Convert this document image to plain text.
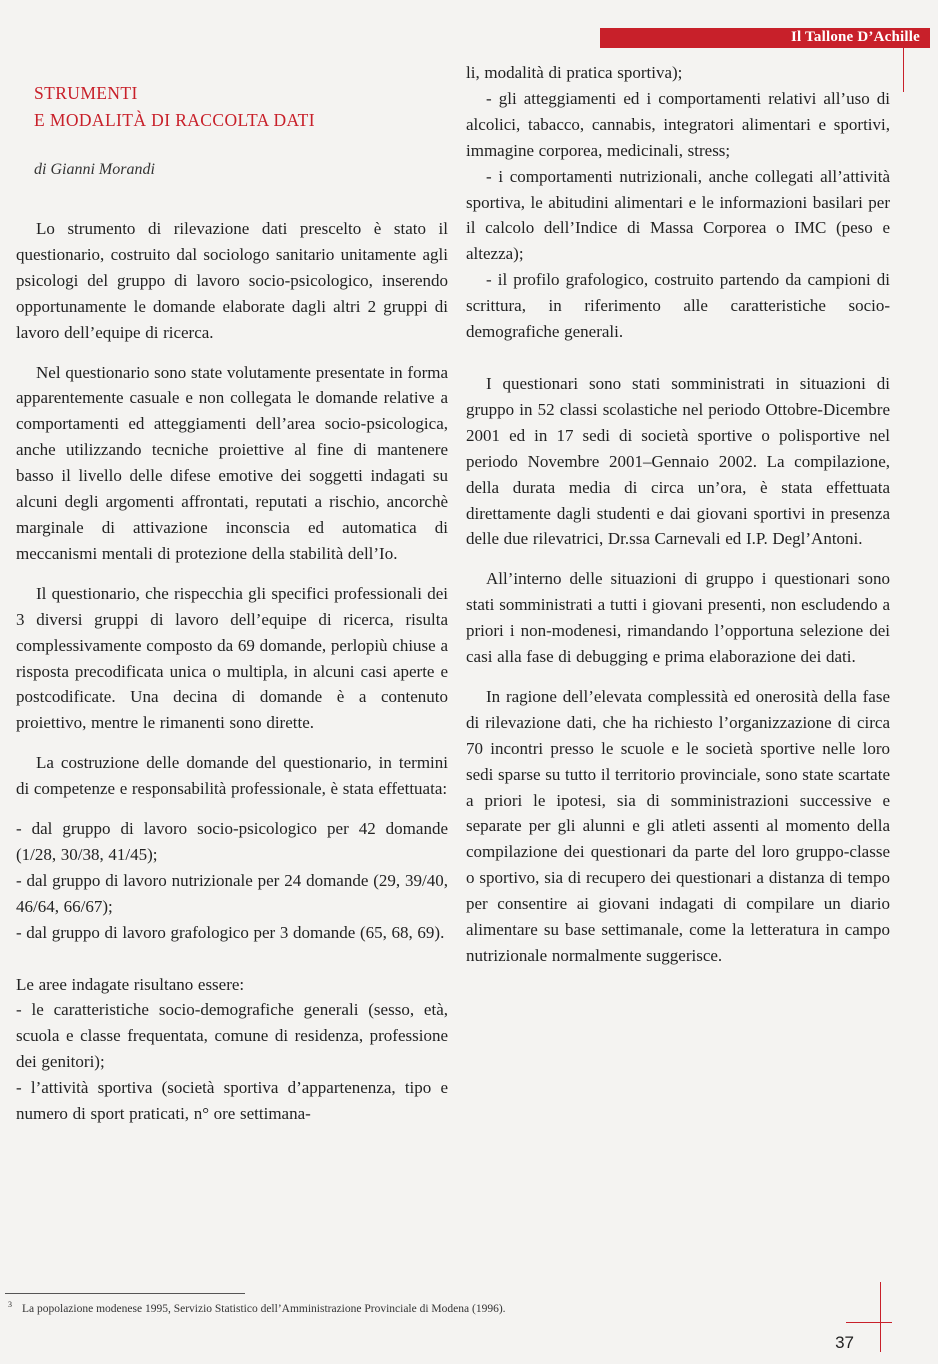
Il Tallone D’Achille
STRUMENTI
E MODALITÀ DI RACCOLTA DATI

di Gianni Morandi

Lo strumento di rilevazione dati prescelto è stato il questionario, costruito dal sociologo sanitario unitamente agli psicologi del gruppo di lavoro socio-psicologico, inserendo opportunamente le domande elaborate dagli altri 2 gruppi di lavoro dell’equipe di ricerca.

Nel questionario sono state volutamente presentate in forma apparentemente casuale e non collegata le domande relative a comportamenti ed atteggiamenti dell’area socio-psicologica, anche utilizzando tecniche proiettive al fine di mantenere basso il livello delle difese emotive dei soggetti indagati su alcuni degli argomenti affrontati, reputati a rischio, ancorchè marginale di attivazione inconscia ed automatica di meccanismi mentali di protezione della stabilità dell’Io.

Il questionario, che rispecchia gli specifici professionali dei 3 diversi gruppi di lavoro dell’equipe di ricerca, risulta complessivamente composto da 69 domande, perlopiù chiuse a risposta precodificata unica o multipla, in alcuni casi aperte e postcodificate. Una decina di domande è a contenuto proiettivo, mentre le rimanenti sono dirette.

La costruzione delle domande del questionario, in termini di competenze e responsabilità professionale, è stata effettuata:

- dal gruppo di lavoro socio-psicologico per 42 domande (1/28, 30/38, 41/45);

- dal gruppo di lavoro nutrizionale per 24 domande (29, 39/40, 46/64, 66/67);

- dal gruppo di lavoro grafologico per 3 domande (65, 68, 69).

Le aree indagate risultano essere:

- le caratteristiche socio-demografiche generali (sesso, età, scuola e classe frequentata, comune di residenza, professione dei genitori);

- l’attività sportiva (società sportiva d’appartenenza, tipo e numero di sport praticati, n° ore settimana-

li, modalità di pratica sportiva);

- gli atteggiamenti ed i comportamenti relativi all’uso di alcolici, tabacco, cannabis, integratori alimentari e sportivi, immagine corporea, medicinali, stress;

- i comportamenti nutrizionali, anche collegati all’attività sportiva, le abitudini alimentari e le informazioni basilari per il calcolo dell’Indice di Massa Corporea o IMC (peso e altezza);

- il profilo grafologico, costruito partendo da campioni di scrittura, in riferimento alle caratteristiche socio-demografiche generali.

I questionari sono stati somministrati in situazioni di gruppo in 52 classi scolastiche nel periodo Ottobre-Dicembre 2001 ed in 17 sedi di società sportive o polisportive nel periodo Novembre 2001–Gennaio 2002. La compilazione, della durata media di circa un’ora, è stata effettuata direttamente dagli studenti e dai giovani sportivi in presenza delle due rilevatrici, Dr.ssa Carnevali ed I.P. Degl’Antoni.

All’interno delle situazioni di gruppo i questionari sono stati somministrati a tutti i giovani presenti, non escludendo a priori i non-modenesi, rimandando l’opportuna selezione dei casi alla fase di debugging e prima elaborazione dei dati.

In ragione dell’elevata complessità ed onerosità della fase di rilevazione dati, che ha richiesto l’organizzazione di circa 70 incontri presso le scuole e le società sportive nelle loro sedi sparse su tutto il territorio provinciale, sono state scartate a priori le ipotesi, sia di somministrazioni successive e separate per gli alunni e gli atleti assenti al momento della compilazione dei questionari da parte del loro gruppo-classe o sportivo, sia di recupero dei questionari a distanza di tempo per consentire ai giovani indagati di compilare un diario alimentare su base settimanale, come la letteratura in campo nutrizionale normalmente suggerisce.

$^3$ La popolazione modenese 1995, Servizio Statistico dell’Amministrazione Provinciale di Modena (1996).
37
